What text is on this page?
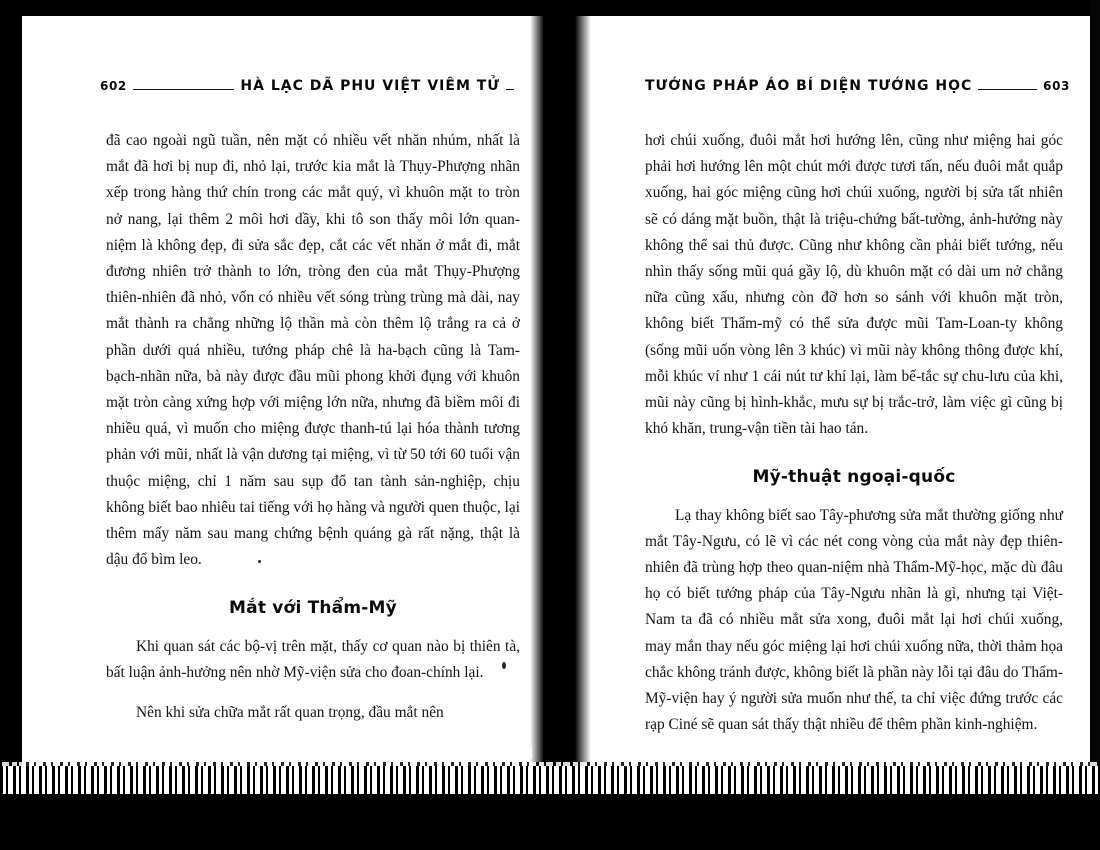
602	HÀ LẠC DÃ PHU VIỆT VIÊM TỬ

đã cao ngoài ngũ tuần, nên mặt có nhiều vết nhăn nhúm, nhất là mắt đã hơi bị nup đi, nhỏ lại, trước kia mắt là Thụy-Phượng nhãn xếp trong hàng thứ chín trong các mắt quý, vì khuôn mặt to tròn nở nang, lại thêm 2 môi hơi dầy, khi tô son thấy môi lớn quan-niệm là không đẹp, đi sửa sắc đẹp, cắt các vết nhăn ở mắt đi, mắt đương nhiên trở thành to lớn, tròng đen của mắt Thụy-Phượng thiên-nhiên đã nhỏ, vốn có nhiều vết sóng trùng trùng mà dài, nay mắt thành ra chẳng những lộ thần mà còn thêm lộ trắng ra cả ở phần dưới quá nhiều, tướng pháp chê là ha-bạch cũng là Tam-bạch-nhãn nữa, bà này được đầu mũi phong khởi đụng với khuôn mặt tròn càng xứng hợp với miệng lớn nữa, nhưng đã biềm môi đi nhiều quá, vì muốn cho miệng được thanh-tú lại hóa thành tương phản với mũi, nhất là vận dương tại miệng, vì từ 50 tới 60 tuổi vận thuộc miệng, chỉ 1 năm sau sụp đổ tan tành sản-nghiệp, chịu không biết bao nhiêu tai tiếng với họ hàng và người quen thuộc, lại thêm mấy năm sau mang chứng bệnh quáng gà rất nặng, thật là dậu đổ bìm leo.

Mắt với Thẩm-Mỹ

Khi quan sát các bộ-vị trên mặt, thấy cơ quan nào bị thiên tà, bất luận ảnh-hưởng nên nhờ Mỹ-viện sửa cho đoan-chính lại.

Nên khi sửa chữa mắt rất quan trọng, đầu mắt nên

TƯỚNG PHÁP ÁO BÍ DIỆN TƯỚNG HỌC	603

hơi chúi xuống, đuôi mắt hơi hướng lên, cũng như miệng hai góc phải hơi hướng lên một chút mới được tươi tấn, nếu đuôi mắt quắp xuống, hai góc miệng cũng hơi chúi xuống, người bị sửa tất nhiên sẽ có dáng mặt buồn, thật là triệu-chứng bất-tường, ảnh-hưởng này không thể sai thủ được. Cũng như không cần phải biết tướng, nếu nhìn thấy sống mũi quá gầy lộ, dù khuôn mặt có dài um nở chẳng nữa cũng xấu, nhưng còn đỡ hơn so sánh với khuôn mặt tròn, không biết Thẩm-mỹ có thể sửa được mũi Tam-Loan-ty không (sống mũi uốn vòng lên 3 khúc) vì mũi này không thông được khí, mỗi khúc ví như 1 cái nút tư khí lại, làm bế-tắc sự chu-lưu của khi, mũi này cũng bị hình-khắc, mưu sự bị trắc-trở, làm việc gì cũng bị khó khăn, trung-vận tiền tài hao tán.

Mỹ-thuật ngoại-quốc

Lạ thay không biết sao Tây-phương sửa mắt thường giống như mắt Tây-Ngưu, có lẽ vì các nét cong vòng của mắt này đẹp thiên-nhiên đã trùng hợp theo quan-niệm nhà Thẩm-Mỹ-học, mặc dù đâu họ có biết tướng pháp của Tây-Ngưu nhãn là gì, nhưng tại Việt-Nam ta đã có nhiều mắt sửa xong, đuôi mắt lại hơi chúi xuống, may mắn thay nếu góc miệng lại hơi chúi xuống nữa, thời thảm họa chắc không tránh được, không biết là phần này lỗi tại đâu do Thẩm-Mỹ-viện hay ý người sửa muốn như thế, ta chỉ việc đứng trước các rạp Ciné sẽ quan sát thấy thật nhiều để thêm phần kinh-nghiệm.
